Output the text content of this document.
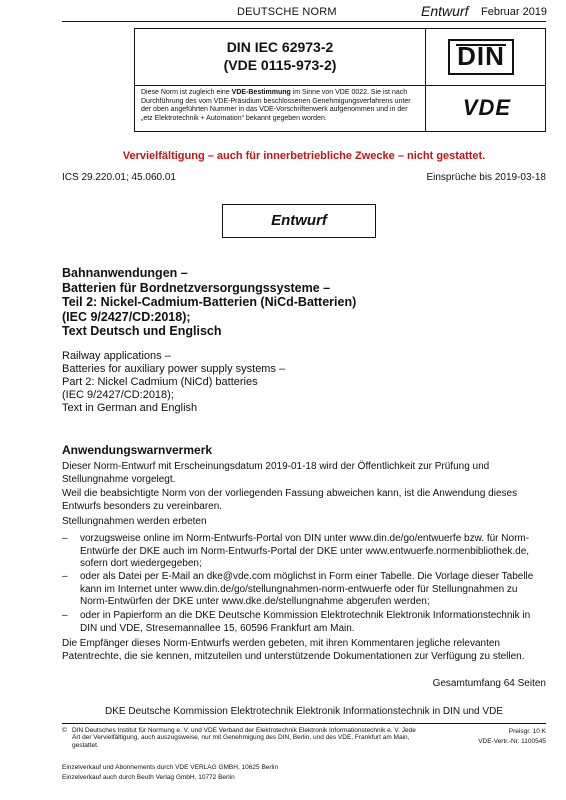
DEUTSCHE NORM	Entwurf Februar 2019
DIN IEC 62973-2
(VDE 0115-973-2)
Diese Norm ist zugleich eine VDE-Bestimmung im Sinne von VDE 0022. Sie ist nach Durchführung des vom VDE-Präsidium beschlossenen Genehmigungsverfahrens unter der oben angeführten Nummer in das VDE-Vorschriftenwerk aufgenommen und in der „etz Elektrotechnik + Automation“ bekannt gegeben worden.
DIN
VDE
Vervielfältigung – auch für innerbetriebliche Zwecke – nicht gestattet.
ICS 29.220.01; 45.060.01	Einsprüche bis 2019-03-18
Entwurf
Bahnanwendungen –
Batterien für Bordnetzversorgungssysteme –
Teil 2: Nickel-Cadmium-Batterien (NiCd-Batterien)
(IEC 9/2427/CD:2018);
Text Deutsch und Englisch
Railway applications –
Batteries for auxiliary power supply systems –
Part 2: Nickel Cadmium (NiCd) batteries
(IEC 9/2427/CD:2018);
Text in German and English
Anwendungswarnvermerk
Dieser Norm-Entwurf mit Erscheinungsdatum 2019-01-18 wird der Öffentlichkeit zur Prüfung und Stellungnahme vorgelegt.
Weil die beabsichtigte Norm von der vorliegenden Fassung abweichen kann, ist die Anwendung dieses Entwurfs besonders zu vereinbaren.
Stellungnahmen werden erbeten
– vorzugsweise online im Norm-Entwurfs-Portal von DIN unter www.din.de/go/entwuerfe bzw. für Norm-Entwürfe der DKE auch im Norm-Entwurfs-Portal der DKE unter www.entwuerfe.normenbibliothek.de, sofern dort wiedergegeben;
– oder als Datei per E-Mail an dke@vde.com möglichst in Form einer Tabelle. Die Vorlage dieser Tabelle kann im Internet unter www.din.de/go/stellungnahmen-norm-entwuerfe oder für Stellungnahmen zu Norm-Entwürfen der DKE unter www.dke.de/stellungnahme abgerufen werden;
– oder in Papierform an die DKE Deutsche Kommission Elektrotechnik Elektronik Informationstechnik in DIN und VDE, Stresemannallee 15, 60596 Frankfurt am Main.
Die Empfänger dieses Norm-Entwurfs werden gebeten, mit ihren Kommentaren jegliche relevanten Patentrechte, die sie kennen, mitzuteilen und unterstützende Dokumentationen zur Verfügung zu stellen.
Gesamtumfang 64 Seiten
DKE Deutsche Kommission Elektrotechnik Elektronik Informationstechnik in DIN und VDE
© DIN Deutsches Institut für Normung e. V. und VDE Verband der Elektrotechnik Elektronik Informationstechnik e. V. Jede Art der Vervielfältigung, auch auszugsweise, nur mit Genehmigung des DIN, Berlin, und des VDE, Frankfurt am Main, gestattet.
Preisgr. 10 K
VDE-Vertr.-Nr. 1100545
Einzelverkauf und Abonnements durch VDE VERLAG GMBH, 10625 Berlin
Einzelverkauf auch durch Beuth Verlag GmbH, 10772 Berlin
